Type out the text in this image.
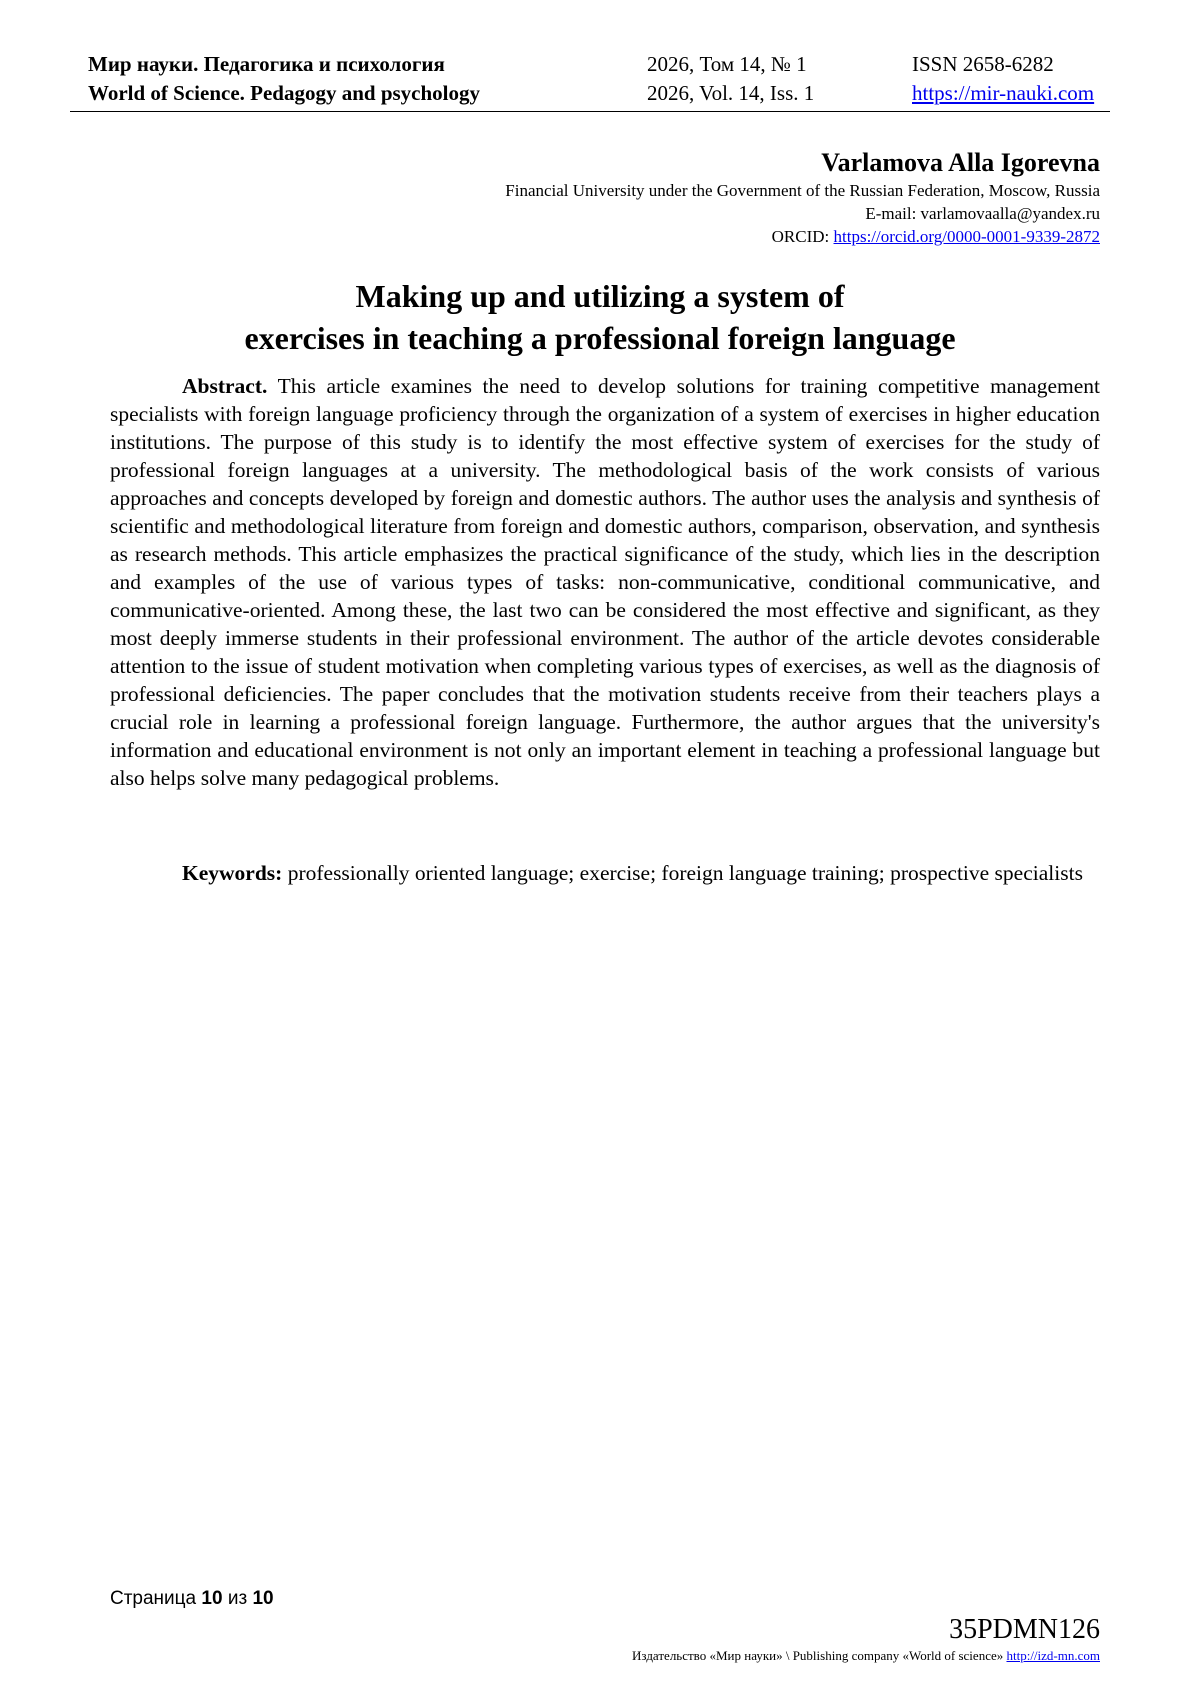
Мир науки. Педагогика и психология
World of Science. Pedagogy and psychology
2026, Том 14, № 1
2026, Vol. 14, Iss. 1
ISSN 2658-6282
https://mir-nauki.com
Varlamova Alla Igorevna
Financial University under the Government of the Russian Federation, Moscow, Russia
E-mail: varlamovaalla@yandex.ru
ORCID: https://orcid.org/0000-0001-9339-2872
Making up and utilizing a system of
exercises in teaching a professional foreign language
Abstract. This article examines the need to develop solutions for training competitive management specialists with foreign language proficiency through the organization of a system of exercises in higher education institutions. The purpose of this study is to identify the most effective system of exercises for the study of professional foreign languages at a university. The methodological basis of the work consists of various approaches and concepts developed by foreign and domestic authors. The author uses the analysis and synthesis of scientific and methodological literature from foreign and domestic authors, comparison, observation, and synthesis as research methods. This article emphasizes the practical significance of the study, which lies in the description and examples of the use of various types of tasks: non-communicative, conditional communicative, and communicative-oriented. Among these, the last two can be considered the most effective and significant, as they most deeply immerse students in their professional environment. The author of the article devotes considerable attention to the issue of student motivation when completing various types of exercises, as well as the diagnosis of professional deficiencies. The paper concludes that the motivation students receive from their teachers plays a crucial role in learning a professional foreign language. Furthermore, the author argues that the university's information and educational environment is not only an important element in teaching a professional language but also helps solve many pedagogical problems.
Keywords: professionally oriented language; exercise; foreign language training; prospective specialists
Страница 10 из 10
35PDMN126
Издательство «Мир науки» \ Publishing company «World of science» http://izd-mn.com
